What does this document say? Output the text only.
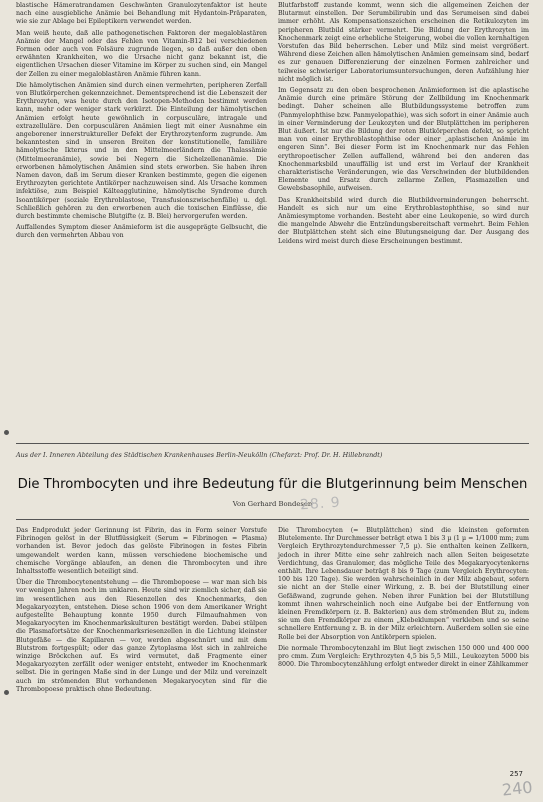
blastische Hämeratrandamen Geschwänten Granulozytenfaktor ist heute nach eine ausgiebliche Anämie bei Behandlung mit Hydantoin-Präparaten, wie sie zur Ablage bei Epileptikern verwendet werden.

Man weiß heute, daß alle pathogenetischen Faktoren der megaloblastären Anämie der Mangel oder das Fehlen von Vitamin-B12 bei verschiedenen Formen oder auch von Folsäure zugrunde liegen, so daß außer den oben erwähnten Krankheiten, wo die Ursache nicht ganz bekannt ist, die eigentlichen Ursachen dieser Vitamine im Körper zu suchen sind, ein Mangel der Zellen zu einer megaloblastären Anämie führen kann.

Die hämolytischen Anämien sind durch einen vermehrten, peripheren Zerfall von Blutkörperchen gekennzeichnet. Dementsprechend ist die Lebenszeit der Erythrozyten, was heute durch den Isotopen-Methoden bestimmt werden kann, mehr oder weniger stark verkürzt. Die Einteilung der hämolytischen Anämien erfolgt heute gewöhnlich in corpusculäre, intragale und extrazelluläre. Den corpusculären Anämien liegt mit einer Ausnahme ein angeborener innerstruktureller Defekt der Erythrozytenform zugrunde. Am bekanntesten sind in unseren Breiten der konstitutionelle, familiäre hämolytische Ikterus und in den Mittelmeerländern die Thalassämie (Mittelmeeranämie), sowie bei Negern die Sichelzellenanämie. Die erworbenen hämolytischen Anämien sind stets erworben. Sie haben ihren Namen davon, daß im Serum dieser Kranken bestimmte, gegen die eigenen Erythrozyten gerichtete Antikörper nachzuweisen sind. Als Ursache kommen infektiöse, zum Beispiel Kälteagglutinine, hämolytische Syndrome durch Isoantikörper (soziale Erythroblastose, Transfusionszwischenfälle) u. dgl. Schließlich gehören zu den erworbenen auch die toxischen Einflüsse, die durch bestimmte chemische Blutgifte (z. B. Blei) hervorgerufen werden.

Auffallendes Symptom dieser Anämieform ist die ausgeprägte Gelbsucht, die durch den vermehrten Abbau von

Blutfarbstoff zustande kommt, wenn sich die allgemeinen Zeichen der Blutarmut einstellen. Der Serumbilirubin und das Serumeisen sind dabei immer erhöht. Als Kompensationszeichen erscheinen die Retikulozyten im peripheren Blutbild stärker vermehrt. Die Bildung der Erythrozyten im Knochenmark zeigt eine erhebliche Steigerung, wobei die vollen kernhaltigen Vorstufen das Bild beherrschen. Leber und Milz sind meist vergrößert. Während diese Zeichen allen hämolytischen Anämien gemeinsam sind, bedarf es zur genauen Differenzierung der einzelnen Formen zahlreicher und teilweise schwieriger Laboratoriumsuntersuchungen, deren Aufzählung hier nicht möglich ist.

Im Gegensatz zu den oben besprochenen Anämieformen ist die aplastische Anämie durch eine primäre Störung der Zellbildung im Knochenmark bedingt. Daher scheinen alle Blutbildungssysteme betroffen zum (Panmyelophthise bzw. Panmyelopathie), was sich sofort in einer Anämie auch in einer Verminderung der Leukozyten und der Blutplättchen im peripheren Blut äußert. Ist nur die Bildung der roten Blutkörperchen defekt, so spricht man von einer Erythroblastophthise oder einer „aplastischen Anämie im engeren Sinn“. Bei dieser Form ist im Knochenmark nur das Fehlen erythropoetischer Zellen auffallend, während bei den anderen das Knochenmarksbild unauffällig ist und erst im Verlauf der Krankheit charakteristische Veränderungen, wie das Verschwinden der blutbildenden Elemente und Ersatz durch zellarme Zellen, Plasmazellen und Gewebsbasophile, aufweisen.

Das Krankheitsbild wird durch die Blutbildverminderungen beherrscht. Handelt es sich nur um eine Erythroblastophthise, so sind nur Anämiesymptome vorhanden. Besteht aber eine Leukopenie, so wird durch die mangelnde Abwehr die Entzündungsbereitschaft vermehrt. Beim Fehlen der Blutplättchen steht sich eine Blutungsneigung dar. Der Ausgang des Leidens wird meist durch diese Erscheinungen bestimmt.

Aus der I. Inneren Abteilung des Städtischen Krankenhauses Berlin-Neukölln (Chefarzt: Prof. Dr. H. Hillebrandt)
Die Thrombocyten und ihre Bedeutung für die Blutgerinnung beim Menschen
Von Gerhard Bondesen
28. 9

Das Endprodukt jeder Gerinnung ist Fibrin, das in Form seiner Vorstufe Fibrinogen gelöst in der Blutflüssigkeit (Serum = Fibrinogen = Plasma) vorhanden ist. Bevor jedoch das gelöste Fibrinogen in festes Fibrin umgewandelt werden kann, müssen verschiedene biochemische und chemische Vorgänge ablaufen, an denen die Thrombocyten und ihre Inhaltsstoffe wesentlich beteiligt sind.

Über die Thrombocytenentstehung — die Thrombopoese — war man sich bis vor wenigen Jahren noch im unklaren. Heute sind wir ziemlich sicher, daß sie im wesentlichen aus den Riesenzellen des Knochenmarks, den Megakaryozyten, entstehen. Diese schon 1906 von dem Amerikaner Wright aufgestellte Behauptung konnte 1950 durch Filmaufnahmen von Megakaryocyten im Knochenmarkskulturen bestätigt werden. Dabei stülpen die Plasmafortsätze der Knochenmarksriesenzellen in die Lichtung kleinster Blutgefäße — die Kapillaren — vor, werden abgeschnürt und mit dem Blutstrom fortgespült; oder das ganze Zytoplasma löst sich in zahlreiche winzige Bröckchen auf. Es wird vermutet, daß Fragmente einer Megakaryozyten zerfällt oder weniger entsteht, entweder im Knochenmark selbst. Die in geringen Maße sind in der Lunge und der Milz und vereinzelt auch im strömenden Blut vorhandenen Megakaryocyten sind für die Thrombopoese praktisch ohne Bedeutung.

Die Thrombocyten (= Blutplättchen) sind die kleinsten geformten Blutelemente. Ihr Durchmesser beträgt etwa 1 bis 3 µ (1 µ = 1/1000 mm; zum Vergleich Erythrozytendurchmesser 7,5 µ). Sie enthalten keinen Zellkern, jedoch in ihrer Mitte eine sehr zahlreich nach allen Seiten beigesetzte Verdichtung, das Granulomer, das mögliche Teile des Megakaryocytenkerns enthält. Ihre Lebensdauer beträgt 8 bis 9 Tage (zum Vergleich Erythrocyten: 100 bis 120 Tage). Sie werden wahrscheinlich in der Milz abgebaut, sofern sie nicht an der Stelle einer Wirkung, z. B. bei der Blutstillung einer Gefäßwand, zugrunde gehen. Neben ihrer Funktion bei der Blutstillung kommt ihnen wahrscheinlich noch eine Aufgabe bei der Entfernung von kleinen Fremdkörpern (z. B. Bakterien) aus dem strömenden Blut zu, indem sie um den Fremdkörper zu einem „Klebeklumpen“ verkleben und so seine schnellere Entfernung z. B. in der Milz erleichtern. Außerdem sollen sie eine Rolle bei der Absorption von Antikörpern spielen.

Die normale Thrombocytenzahl im Blut liegt zwischen 150 000 und 400 000 pro cmm. Zum Vergleich: Erythrozyten 4,5 bis 5,5 Mill., Leukozyten 5000 bis 8000. Die Thrombocytenzählung erfolgt entweder direkt in einer Zählkammer

257
240
